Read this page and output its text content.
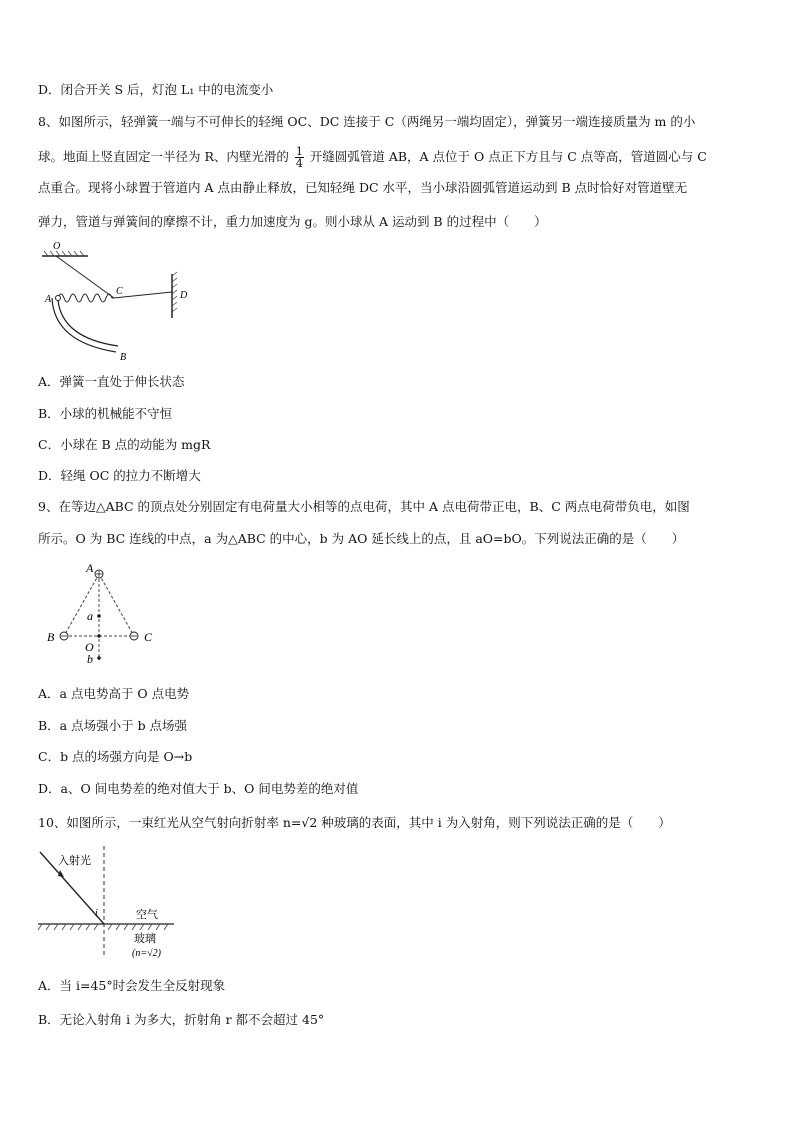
D．闭合开关 S 后，灯泡 L₁ 中的电流变小
8、如图所示，轻弹簧一端与不可伸长的轻绳 OC、DC 连接于 C（两绳另一端均固定），弹簧另一端连接质量为 m 的小
球。地面上竖直固定一半径为 R、内壁光滑的 $\frac{1}{4}$ 开缝圆弧管道 AB，A 点位于 O 点正下方且与 C 点等高，管道圆心与 C
点重合。现将小球置于管道内 A 点由静止释放，已知轻绳 DC 水平，当小球沿圆弧管道运动到 B 点时恰好对管道壁无
弹力，管道与弹簧间的摩擦不计，重力加速度为 g。则小球从 A 运动到 B 的过程中（　　）
O
A
C	D
B
A．弹簧一直处于伸长状态
B．小球的机械能不守恒
C．小球在 B 点的动能为 mgR
D．轻绳 OC 的拉力不断增大
9、在等边△ABC 的顶点处分别固定有电荷量大小相等的点电荷，其中 A 点电荷带正电，B、C 两点电荷带负电，如图
所示。O 为 BC 连线的中点，a 为△ABC 的中心，b 为 AO 延长线上的点，且 aO=bO。下列说法正确的是（　　）
A
B	C
O
a
b
A．a 点电势高于 O 点电势
B．a 点场强小于 b 点场强
C．b 点的场强方向是 O→b
D．a、O 间电势差的绝对值大于 b、O 间电势差的绝对值
10、如图所示，一束红光从空气射向折射率 n=√2 种玻璃的表面，其中 i 为入射角，则下列说法正确的是（　　）
入射光
i	空气
玻璃
(n=√2)
A．当 i=45°时会发生全反射现象
B．无论入射角 i 为多大，折射角 r 都不会超过 45°
